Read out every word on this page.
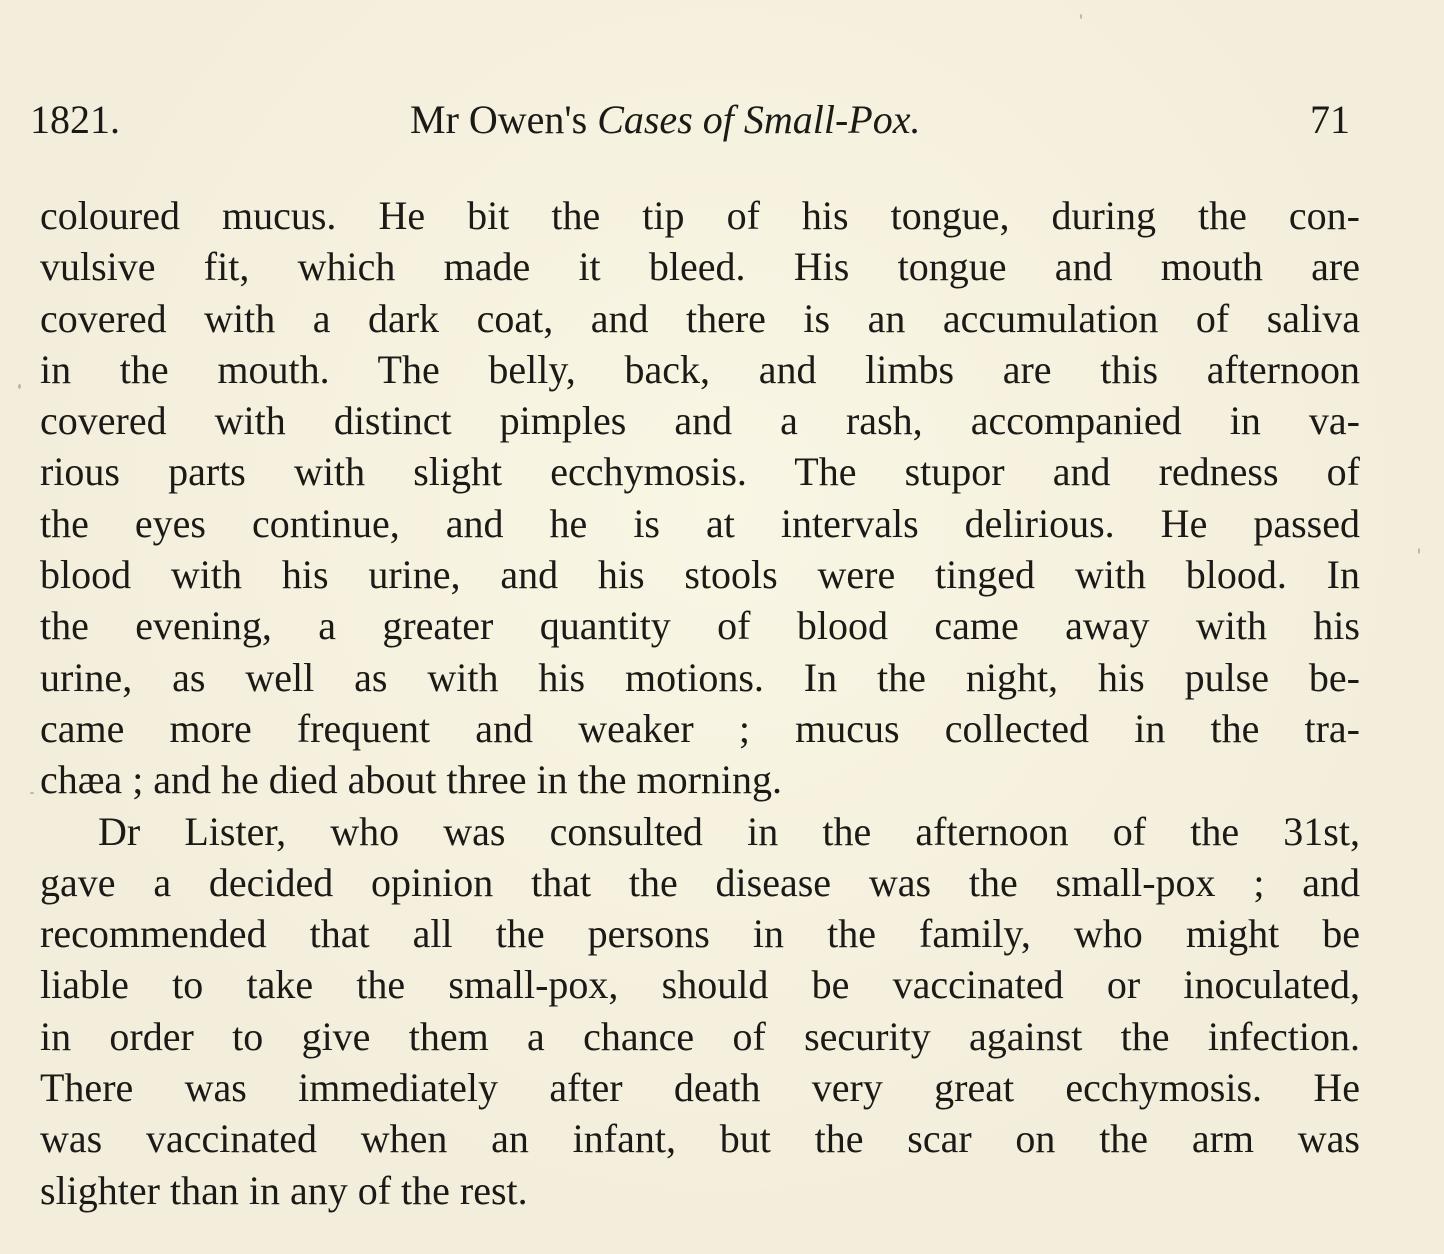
1821.	Mr Owen's Cases of Small-Pox.	71
coloured mucus. He bit the tip of his tongue, during the con-
vulsive fit, which made it bleed. His tongue and mouth are
covered with a dark coat, and there is an accumulation of saliva
in the mouth. The belly, back, and limbs are this afternoon
covered with distinct pimples and a rash, accompanied in va-
rious parts with slight ecchymosis. The stupor and redness of
the eyes continue, and he is at intervals delirious. He passed
blood with his urine, and his stools were tinged with blood. In
the evening, a greater quantity of blood came away with his
urine, as well as with his motions. In the night, his pulse be-
came more frequent and weaker ; mucus collected in the tra-
chæa ; and he died about three in the morning.
Dr Lister, who was consulted in the afternoon of the 31st,
gave a decided opinion that the disease was the small-pox ; and
recommended that all the persons in the family, who might be
liable to take the small-pox, should be vaccinated or inoculated,
in order to give them a chance of security against the infection.
There was immediately after death very great ecchymosis. He
was vaccinated when an infant, but the scar on the arm was
slighter than in any of the rest.
